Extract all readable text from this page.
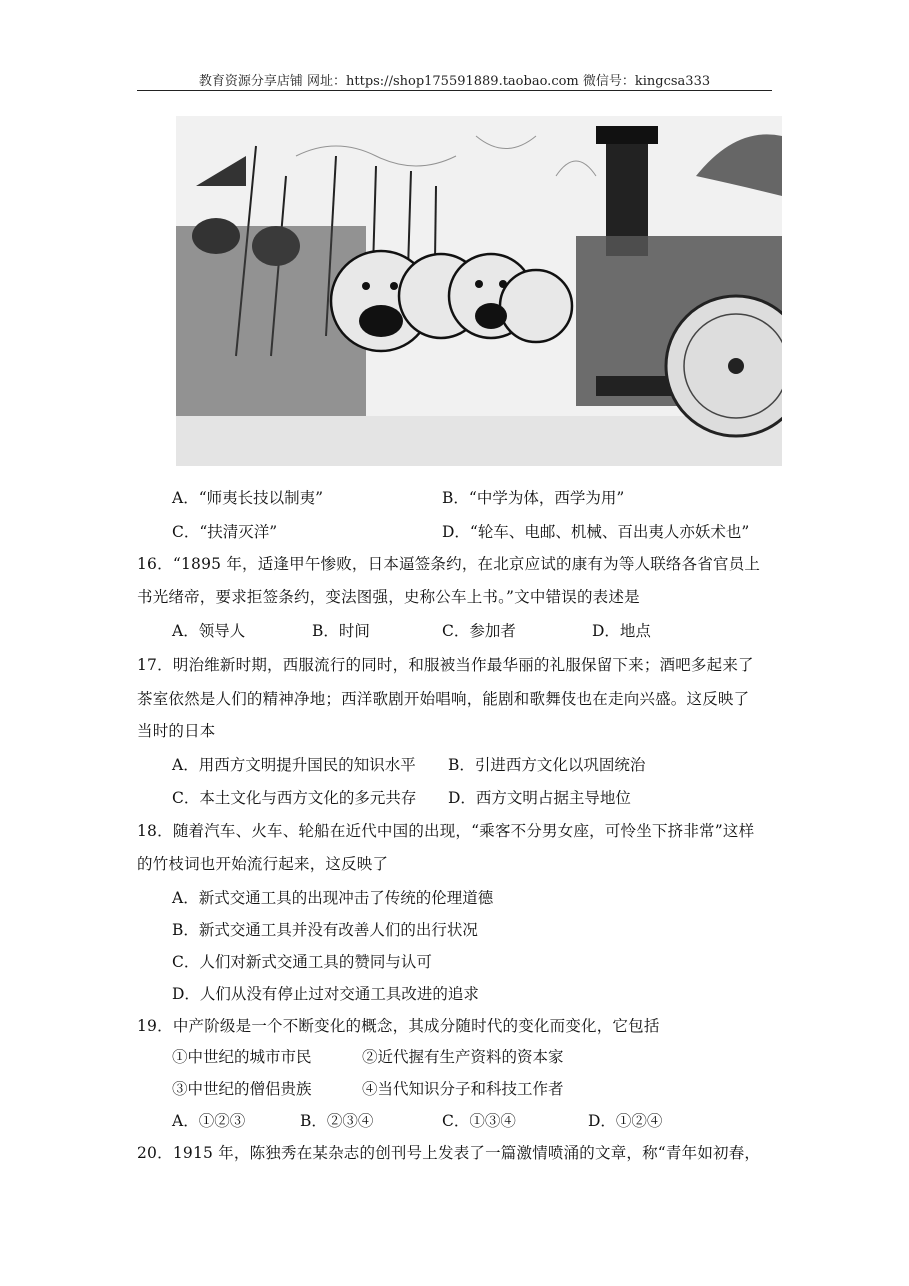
教育资源分享店铺 网址：https://shop175591889.taobao.com 微信号：kingcsa333
A．“师夷长技以制夷”	B．“中学为体，西学为用”
C．“扶清灭洋”	D．“轮车、电邮、机械、百出夷人亦妖术也”
16．“1895 年，适逢甲午惨败，日本逼签条约，在北京应试的康有为等人联络各省官员上
书光绪帝，要求拒签条约，变法图强，史称公车上书。”文中错误的表述是
A．领导人	B．时间	C．参加者	D．地点
17．明治维新时期，西服流行的同时，和服被当作最华丽的礼服保留下来；酒吧多起来了
茶室依然是人们的精神净地；西洋歌剧开始唱响，能剧和歌舞伎也在走向兴盛。这反映了
当时的日本
A．用西方文明提升国民的知识水平 B．引进西方文化以巩固统治
C．本土文化与西方文化的多元共存 D．西方文明占据主导地位
18．随着汽车、火车、轮船在近代中国的出现，“乘客不分男女座，可怜坐下挤非常”这样
的竹枝词也开始流行起来，这反映了
A．新式交通工具的出现冲击了传统的伦理道德
B．新式交通工具并没有改善人们的出行状况
C．人们对新式交通工具的赞同与认可
D．人们从没有停止过对交通工具改进的追求
19．中产阶级是一个不断变化的概念，其成分随时代的变化而变化，它包括
①中世纪的城市市民	②近代握有生产资料的资本家
③中世纪的僧侣贵族	④当代知识分子和科技工作者
A．①②③	B．②③④	C．①③④	D．①②④
20．1915 年，陈独秀在某杂志的创刊号上发表了一篇激情喷涌的文章，称“青年如初春，
